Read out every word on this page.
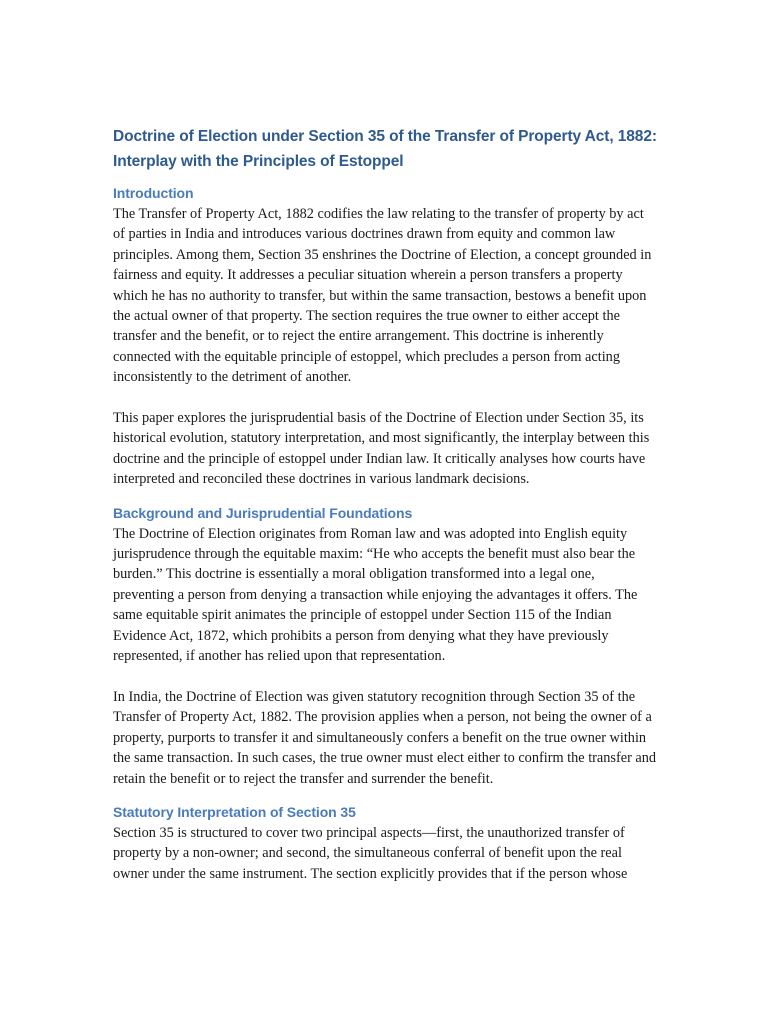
Doctrine of Election under Section 35 of the Transfer of Property Act, 1882: Interplay with the Principles of Estoppel
Introduction

The Transfer of Property Act, 1882 codifies the law relating to the transfer of property by act of parties in India and introduces various doctrines drawn from equity and common law principles. Among them, Section 35 enshrines the Doctrine of Election, a concept grounded in fairness and equity. It addresses a peculiar situation wherein a person transfers a property which he has no authority to transfer, but within the same transaction, bestows a benefit upon the actual owner of that property. The section requires the true owner to either accept the transfer and the benefit, or to reject the entire arrangement. This doctrine is inherently connected with the equitable principle of estoppel, which precludes a person from acting inconsistently to the detriment of another.

This paper explores the jurisprudential basis of the Doctrine of Election under Section 35, its historical evolution, statutory interpretation, and most significantly, the interplay between this doctrine and the principle of estoppel under Indian law. It critically analyses how courts have interpreted and reconciled these doctrines in various landmark decisions.

Background and Jurisprudential Foundations

The Doctrine of Election originates from Roman law and was adopted into English equity jurisprudence through the equitable maxim: “He who accepts the benefit must also bear the burden.” This doctrine is essentially a moral obligation transformed into a legal one, preventing a person from denying a transaction while enjoying the advantages it offers. The same equitable spirit animates the principle of estoppel under Section 115 of the Indian Evidence Act, 1872, which prohibits a person from denying what they have previously represented, if another has relied upon that representation.

In India, the Doctrine of Election was given statutory recognition through Section 35 of the Transfer of Property Act, 1882. The provision applies when a person, not being the owner of a property, purports to transfer it and simultaneously confers a benefit on the true owner within the same transaction. In such cases, the true owner must elect either to confirm the transfer and retain the benefit or to reject the transfer and surrender the benefit.

Statutory Interpretation of Section 35

Section 35 is structured to cover two principal aspects—first, the unauthorized transfer of property by a non-owner; and second, the simultaneous conferral of benefit upon the real owner under the same instrument. The section explicitly provides that if the person whose
